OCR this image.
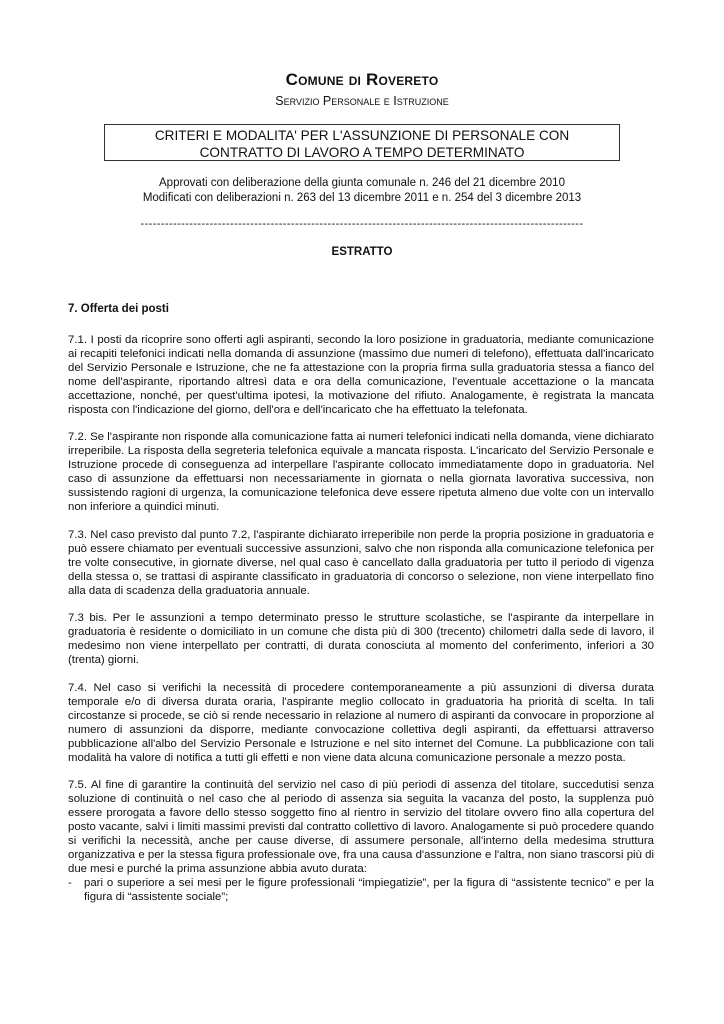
Comune di Rovereto
Servizio Personale e Istruzione
CRITERI E MODALITA' PER L'ASSUNZIONE DI PERSONALE CON
CONTRATTO DI LAVORO A TEMPO DETERMINATO
Approvati con deliberazione della giunta comunale n. 246 del 21 dicembre 2010
Modificati con deliberazioni n. 263 del 13 dicembre 2011 e n. 254 del 3 dicembre 2013
-------------------------------------------------------------------------------------------------------------
ESTRATTO
7. Offerta dei posti

7.1. I posti da ricoprire sono offerti agli aspiranti, secondo la loro posizione in graduatoria, mediante comunicazione ai recapiti telefonici indicati nella domanda di assunzione (massimo due numeri di telefono), effettuata dall'incaricato del Servizio Personale e Istruzione, che ne fa attestazione con la propria firma sulla graduatoria stessa a fianco del nome dell'aspirante, riportando altresì data e ora della comunicazione, l'eventuale accettazione o la mancata accettazione, nonché, per quest'ultima ipotesi, la motivazione del rifiuto. Analogamente, è registrata la mancata risposta con l'indicazione del giorno, dell'ora e dell'incaricato che ha effettuato la telefonata.

7.2. Se l'aspirante non risponde alla comunicazione fatta ai numeri telefonici indicati nella domanda, viene dichiarato irreperibile. La risposta della segreteria telefonica equivale a mancata risposta. L'incaricato del Servizio Personale e Istruzione procede di conseguenza ad interpellare l'aspirante collocato immediatamente dopo in graduatoria. Nel caso di assunzione da effettuarsi non necessariamente in giornata o nella giornata lavorativa successiva, non sussistendo ragioni di urgenza, la comunicazione telefonica deve essere ripetuta almeno due volte con un intervallo non inferiore a quindici minuti.

7.3. Nel caso previsto dal punto 7.2, l'aspirante dichiarato irreperibile non perde la propria posizione in graduatoria e può essere chiamato per eventuali successive assunzioni, salvo che non risponda alla comunicazione telefonica per tre volte consecutive, in giornate diverse, nel qual caso è cancellato dalla graduatoria per tutto il periodo di vigenza della stessa o, se trattasi di aspirante classificato in graduatoria di concorso o selezione, non viene interpellato fino alla data di scadenza della graduatoria annuale.

7.3 bis. Per le assunzioni a tempo determinato presso le strutture scolastiche, se l'aspirante da interpellare in graduatoria è residente o domiciliato in un comune che dista più di 300 (trecento) chilometri dalla sede di lavoro, il medesimo non viene interpellato per contratti, di durata conosciuta al momento del conferimento, inferiori a 30 (trenta) giorni.

7.4. Nel caso si verifichi la necessità di procedere contemporaneamente a più assunzioni di diversa durata temporale e/o di diversa durata oraria, l'aspirante meglio collocato in graduatoria ha priorità di scelta. In tali circostanze si procede, se ciò si rende necessario in relazione al numero di aspiranti da convocare in proporzione al numero di assunzioni da disporre, mediante convocazione collettiva degli aspiranti, da effettuarsi attraverso pubblicazione all'albo del Servizio Personale e Istruzione e nel sito internet del Comune. La pubblicazione con tali modalità ha valore di notifica a tutti gli effetti e non viene data alcuna comunicazione personale a mezzo posta.

7.5. Al fine di garantire la continuità del servizio nel caso di più periodi di assenza del titolare, succedutisi senza soluzione di continuità o nel caso che al periodo di assenza sia seguita la vacanza del posto, la supplenza può essere prorogata a favore dello stesso soggetto fino al rientro in servizio del titolare ovvero fino alla copertura del posto vacante, salvi i limiti massimi previsti dal contratto collettivo di lavoro. Analogamente si può procedere quando si verifichi la necessità, anche per cause diverse, di assumere personale, all'interno della medesima struttura organizzativa e per la stessa figura professionale ove, fra una causa d'assunzione e l'altra, non siano trascorsi più di due mesi e purché la prima assunzione abbia avuto durata:

- pari o superiore a sei mesi per le figure professionali “impiegatizie”, per la figura di “assistente tecnico” e per la figura di “assistente sociale”;
